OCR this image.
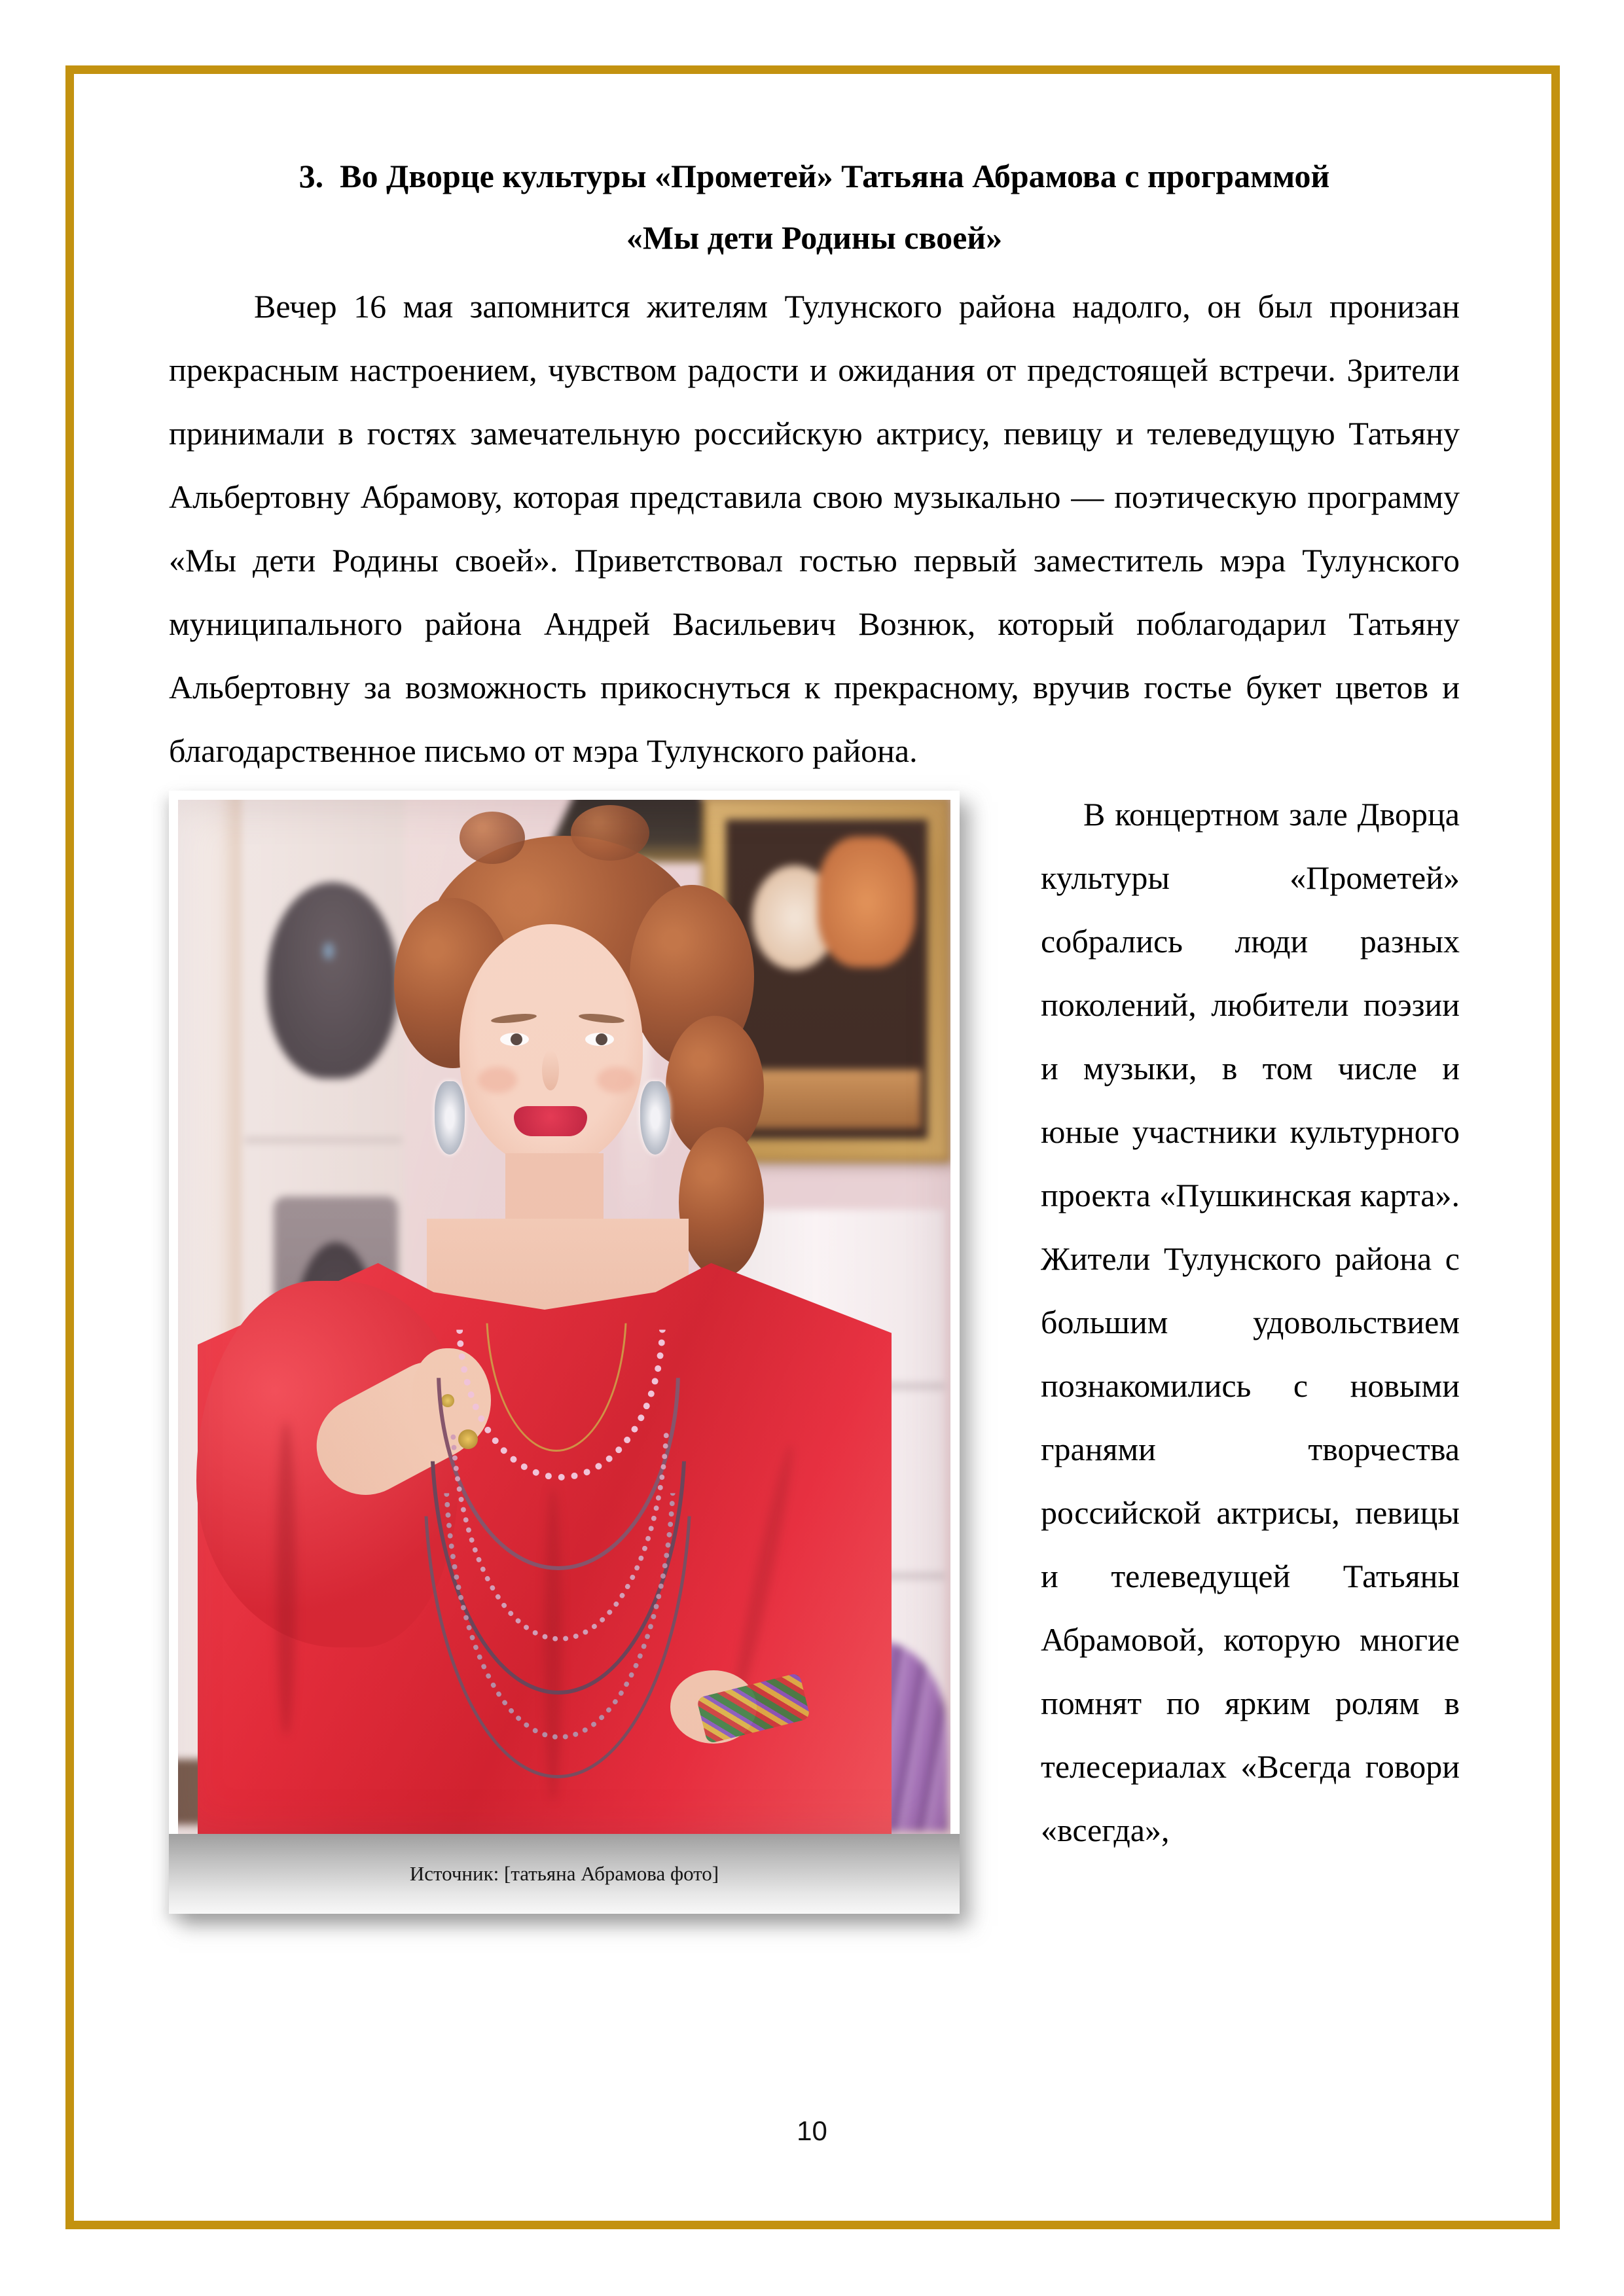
3.  Во Дворце культуры «Прометей» Татьяна Абрамова с программой
«Мы дети Родины своей»

Вечер 16 мая запомнится жителям Тулунского района надолго, он был пронизан прекрасным настроением, чувством радости и ожидания от предстоящей встречи. Зрители принимали в гостях замечательную российскую актрису, певицу и телеведущую Татьяну Альбертовну Абрамову, которая представила свою музыкально — поэтическую программу «Мы дети Родины своей». Приветствовал гостью первый заместитель мэра Тулунского муниципального района Андрей Васильевич Вознюк, который поблагодарил Татьяну Альбертовну за возможность прикоснуться к прекрасному, вручив гостье букет цветов и благодарственное письмо от мэра Тулунского района.

Источник: [татьяна Абрамова фото]

В концертном зале Дворца культуры «Прометей» собрались люди разных поколений, любители поэзии и музыки, в том числе и юные участники культурного проекта «Пушкинская карта». Жители Тулунского района с большим удовольствием познакомились с новыми гранями творчества российской актрисы, певицы и телеведущей Татьяны Абрамовой, которую многие помнят по ярким ролям в телесериалах «Всегда говори «всегда»,

10
